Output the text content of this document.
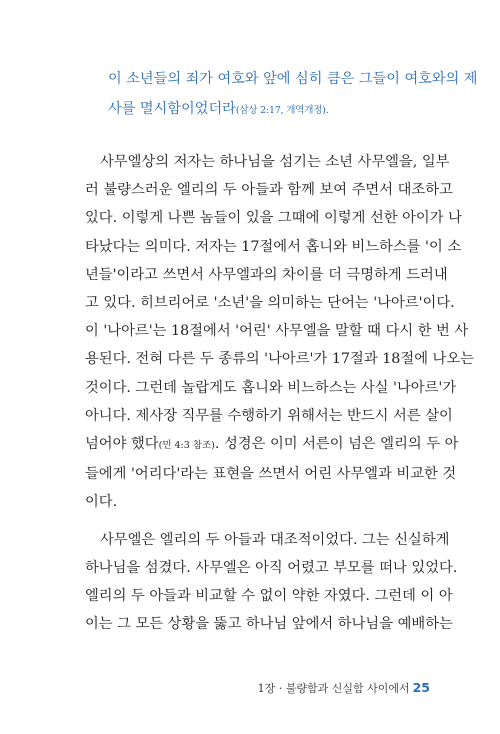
이 소년들의 죄가 여호와 앞에 심히 큼은 그들이 여호와의 제
사를 멸시함이었더라(삼상 2:17, 개역개정).
사무엘상의 저자는 하나님을 섬기는 소년 사무엘을, 일부
러 불량스러운 엘리의 두 아들과 함께 보여 주면서 대조하고
있다. 이렇게 나쁜 놈들이 있을 그때에 이렇게 선한 아이가 나
타났다는 의미다. 저자는 17절에서 홉니와 비느하스를 '이 소
년들'이라고 쓰면서 사무엘과의 차이를 더 극명하게 드러내
고 있다. 히브리어로 '소년'을 의미하는 단어는 '나아르'이다.
이 '나아르'는 18절에서 '어린' 사무엘을 말할 때 다시 한 번 사
용된다. 전혀 다른 두 종류의 '나아르'가 17절과 18절에 나오는
것이다. 그런데 놀랍게도 홉니와 비느하스는 사실 '나아르'가
아니다. 제사장 직무를 수행하기 위해서는 반드시 서른 살이
넘어야 했다(민 4:3 참조). 성경은 이미 서른이 넘은 엘리의 두 아
들에게 '어리다'라는 표현을 쓰면서 어린 사무엘과 비교한 것
이다.
사무엘은 엘리의 두 아들과 대조적이었다. 그는 신실하게
하나님을 섬겼다. 사무엘은 아직 어렸고 부모를 떠나 있었다.
엘리의 두 아들과 비교할 수 없이 약한 자였다. 그런데 이 아
이는 그 모든 상황을 뚫고 하나님 앞에서 하나님을 예배하는
1장 · 불량함과 신실함 사이에서 25
